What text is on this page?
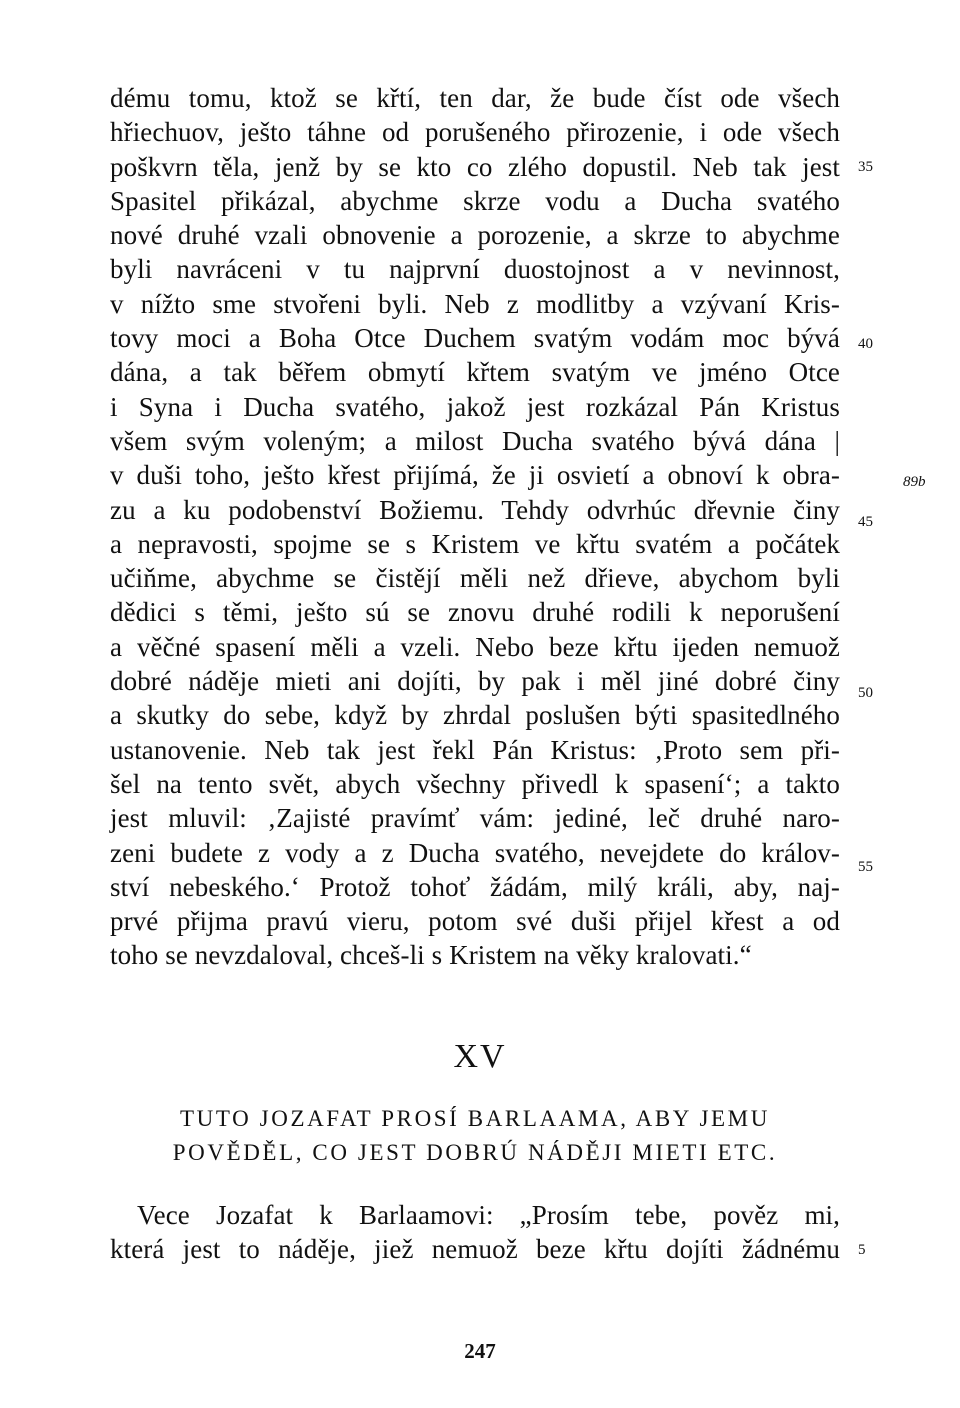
dému tomu, ktož se křtí, ten dar, že bude číst ode všech
hřiechuov, ješto táhne od porušeného přirozenie, i ode všech
poškvrn těla, jenž by se kto co zlého dopustil. Neb tak jest
Spasitel přikázal, abychme skrze vodu a Ducha svatého
nové druhé vzali obnovenie a porozenie, a skrze to abychme
byli navráceni v tu najprvní duostojnost a v nevinnost,
v nížto sme stvořeni byli. Neb z modlitby a vzývaní Kris-
tovy moci a Boha Otce Duchem svatým vodám moc bývá
dána, a tak běřem obmytí křtem svatým ve jméno Otce
i Syna i Ducha svatého, jakož jest rozkázal Pán Kristus
všem svým voleným; a milost Ducha svatého bývá dána |
v duši toho, ješto křest přijímá, že ji osvietí a obnoví k obra-
zu a ku podobenství Božiemu. Tehdy odvrhúc dřevnie činy
a nepravosti, spojme se s Kristem ve křtu svatém a počátek
učiňme, abychme se čistějí měli než dřieve, abychom byli
dědici s těmi, ješto sú se znovu druhé rodili k neporušení
a věčné spasení měli a vzeli. Nebo beze křtu ijeden nemuož
dobré náděje mieti ani dojíti, by pak i měl jiné dobré činy
a skutky do sebe, když by zhrdal poslušen býti spasitedlného
ustanovenie. Neb tak jest řekl Pán Kristus: ‚Proto sem při-
šel na tento svět, abych všechny přivedl k spasení‘; a takto
jest mluvil: ‚Zajisté pravímť vám: jediné, leč druhé naro-
zeni budete z vody a z Ducha svatého, nevejdete do králov-
ství nebeského.‘ Protož tohoť žádám, milý králi, aby, naj-
prvé přijma pravú vieru, potom své duši přijel křest a od
toho se nevzdaloval, chceš-li s Kristem na věky kralovati.“
35
40
89b
45
50
55
XV
TUTO JOZAFAT PROSÍ BARLAAMA, ABY JEMU
POVĚDĚL, CO JEST DOBRÚ NÁDĚJI MIETI ETC.
Vece Jozafat k Barlaamovi: „Prosím tebe, pověz mi,
která jest to náděje, jiež nemuož beze křtu dojíti žádnému 5
247
